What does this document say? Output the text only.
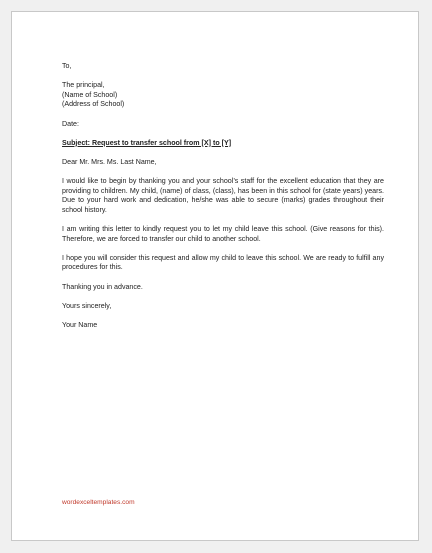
To,
The principal,
(Name of School)
(Address of School)
Date:
Subject: Request to transfer school from [X] to [Y]
Dear Mr. Mrs. Ms. Last Name,
I would like to begin by thanking you and your school’s staff for the excellent education that they are providing to children. My child, (name) of class, (class), has been in this school for (state years) years. Due to your hard work and dedication, he/she was able to secure (marks) grades throughout their school history.
I am writing this letter to kindly request you to let my child leave this school. (Give reasons for this). Therefore, we are forced to transfer our child to another school.
I hope you will consider this request and allow my child to leave this school. We are ready to fulfill any procedures for this.
Thanking you in advance.
Yours sincerely,
Your Name
wordexceltemplates.com
